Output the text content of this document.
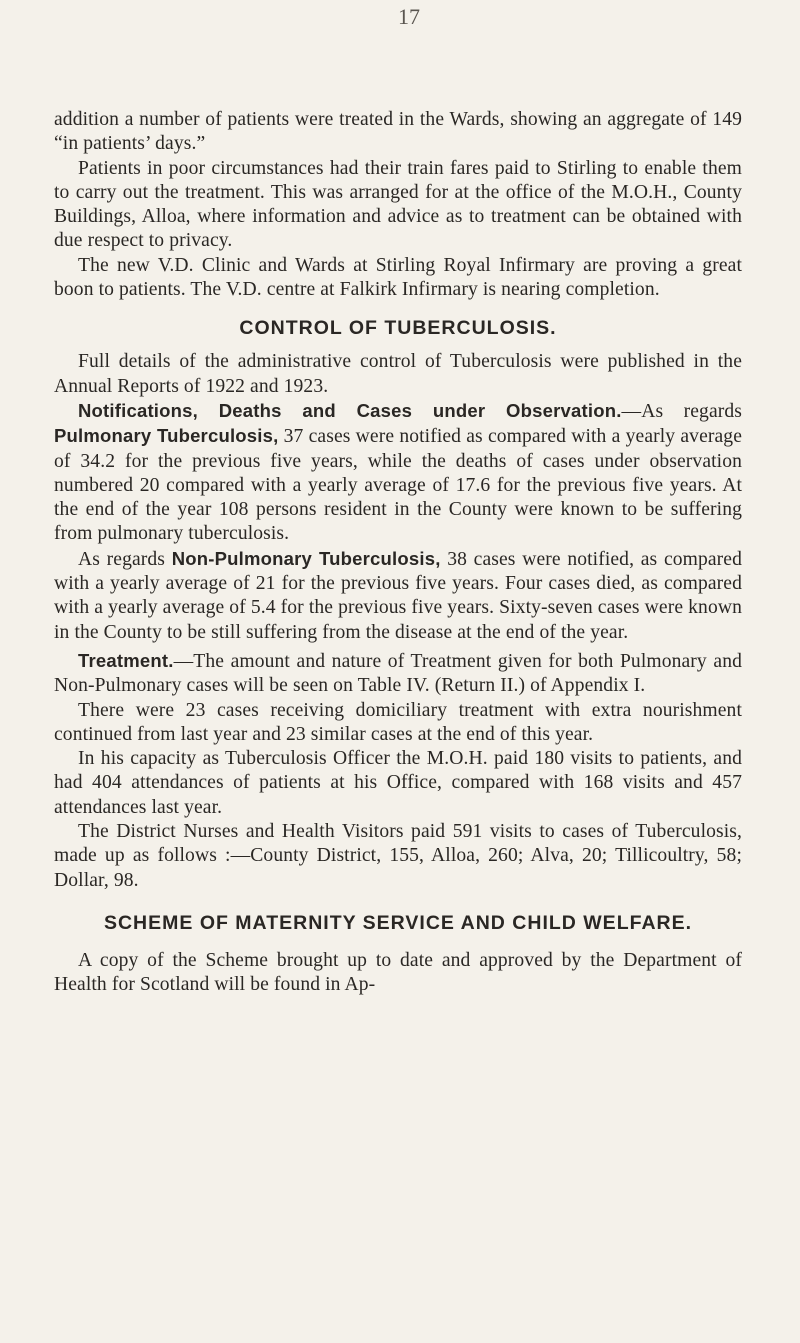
17

addition a number of patients were treated in the Wards, showing an aggregate of 149 “in patients’ days.”

Patients in poor circumstances had their train fares paid to Stirling to enable them to carry out the treatment. This was arranged for at the office of the M.O.H., County Buildings, Alloa, where information and advice as to treatment can be obtained with due respect to privacy.

The new V.D. Clinic and Wards at Stirling Royal Infirmary are proving a great boon to patients. The V.D. centre at Falkirk Infirmary is nearing completion.

CONTROL OF TUBERCULOSIS.

Full details of the administrative control of Tuberculosis were published in the Annual Reports of 1922 and 1923.

Notifications, Deaths and Cases under Observation.—As regards Pulmonary Tuberculosis, 37 cases were notified as compared with a yearly average of 34.2 for the previous five years, while the deaths of cases under observation numbered 20 compared with a yearly average of 17.6 for the previous five years. At the end of the year 108 persons resident in the County were known to be suffering from pulmonary tuberculosis.

As regards Non-Pulmonary Tuberculosis, 38 cases were notified, as compared with a yearly average of 21 for the previous five years. Four cases died, as compared with a yearly average of 5.4 for the previous five years. Sixty-seven cases were known in the County to be still suffering from the disease at the end of the year.

Treatment.—The amount and nature of Treatment given for both Pulmonary and Non-Pulmonary cases will be seen on Table IV. (Return II.) of Appendix I.

There were 23 cases receiving domiciliary treatment with extra nourishment continued from last year and 23 similar cases at the end of this year.

In his capacity as Tuberculosis Officer the M.O.H. paid 180 visits to patients, and had 404 attendances of patients at his Office, compared with 168 visits and 457 attendances last year.

The District Nurses and Health Visitors paid 591 visits to cases of Tuberculosis, made up as follows :—County District, 155, Alloa, 260; Alva, 20; Tillicoultry, 58; Dollar, 98.

SCHEME OF MATERNITY SERVICE AND CHILD WELFARE.

A copy of the Scheme brought up to date and approved by the Department of Health for Scotland will be found in Ap-
